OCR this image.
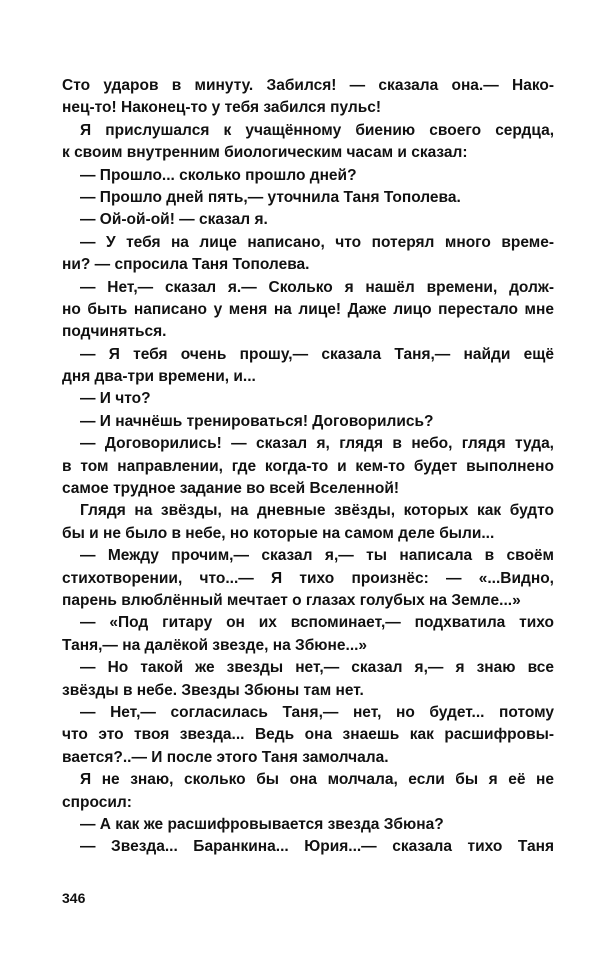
Сто ударов в минуту. Забился! — сказала она.— Нако-
нец-то! Наконец-то у тебя забился пульс!
Я прислушался к учащённому биению своего сердца,
к своим внутренним биологическим часам и сказал:
— Прошло... сколько прошло дней?
— Прошло дней пять,— уточнила Таня Тополева.
— Ой-ой-ой! — сказал я.
— У тебя на лице написано, что потерял много време-
ни? — спросила Таня Тополева.
— Нет,— сказал я.— Сколько я нашёл времени, долж-
но быть написано у меня на лице! Даже лицо перестало мне
подчиняться.
— Я тебя очень прошу,— сказала Таня,— найди ещё
дня два-три времени, и...
— И что?
— И начнёшь тренироваться! Договорились?
— Договорились! — сказал я, глядя в небо, глядя туда,
в том направлении, где когда-то и кем-то будет выполнено
самое трудное задание во всей Вселенной!
Глядя на звёзды, на дневные звёзды, которых как будто
бы и не было в небе, но которые на самом деле были...
— Между прочим,— сказал я,— ты написала в своём
стихотворении, что...— Я тихо произнёс: — «...Видно,
парень влюблённый мечтает о глазах голубых на Земле...»
— «Под гитару он их вспоминает,— подхватила тихо
Таня,— на далёкой звезде, на Збюне...»
— Но такой же звезды нет,— сказал я,— я знаю все
звёзды в небе. Звезды Збюны там нет.
— Нет,— согласилась Таня,— нет, но будет... потому
что это твоя звезда... Ведь она знаешь как расшифровы-
вается?..— И после этого Таня замолчала.
Я не знаю, сколько бы она молчала, если бы я её не
спросил:
— А как же расшифровывается звезда Збюна?
— Звезда... Баранкина... Юрия...— сказала тихо Таня
346
